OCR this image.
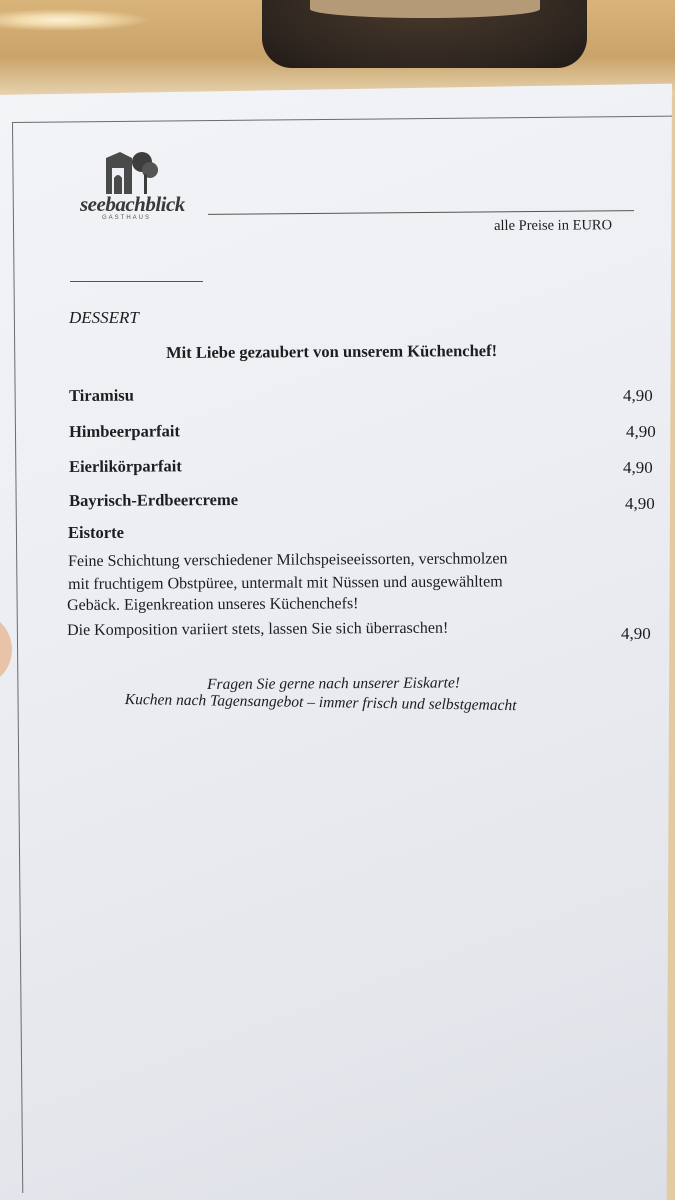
seebachblick
GASTHAUS	alle Preise in EURO
DESSERT
Mit Liebe gezaubert von unserem Küchenchef!
Tiramisu	4,90
Himbeerparfait	4,90
Eierlikörparfait	4,90
Bayrisch-Erdbeercreme	4,90
Eistorte
Feine Schichtung verschiedener Milchspeiseeissorten, verschmolzen
mit fruchtigem Obstpüree, untermalt mit Nüssen und ausgewähltem
Gebäck. Eigenkreation unseres Küchenchefs!
Die Komposition variiert stets, lassen Sie sich überraschen!	4,90
Fragen Sie gerne nach unserer Eiskarte!
Kuchen nach Tagensangebot – immer frisch und selbstgemacht
